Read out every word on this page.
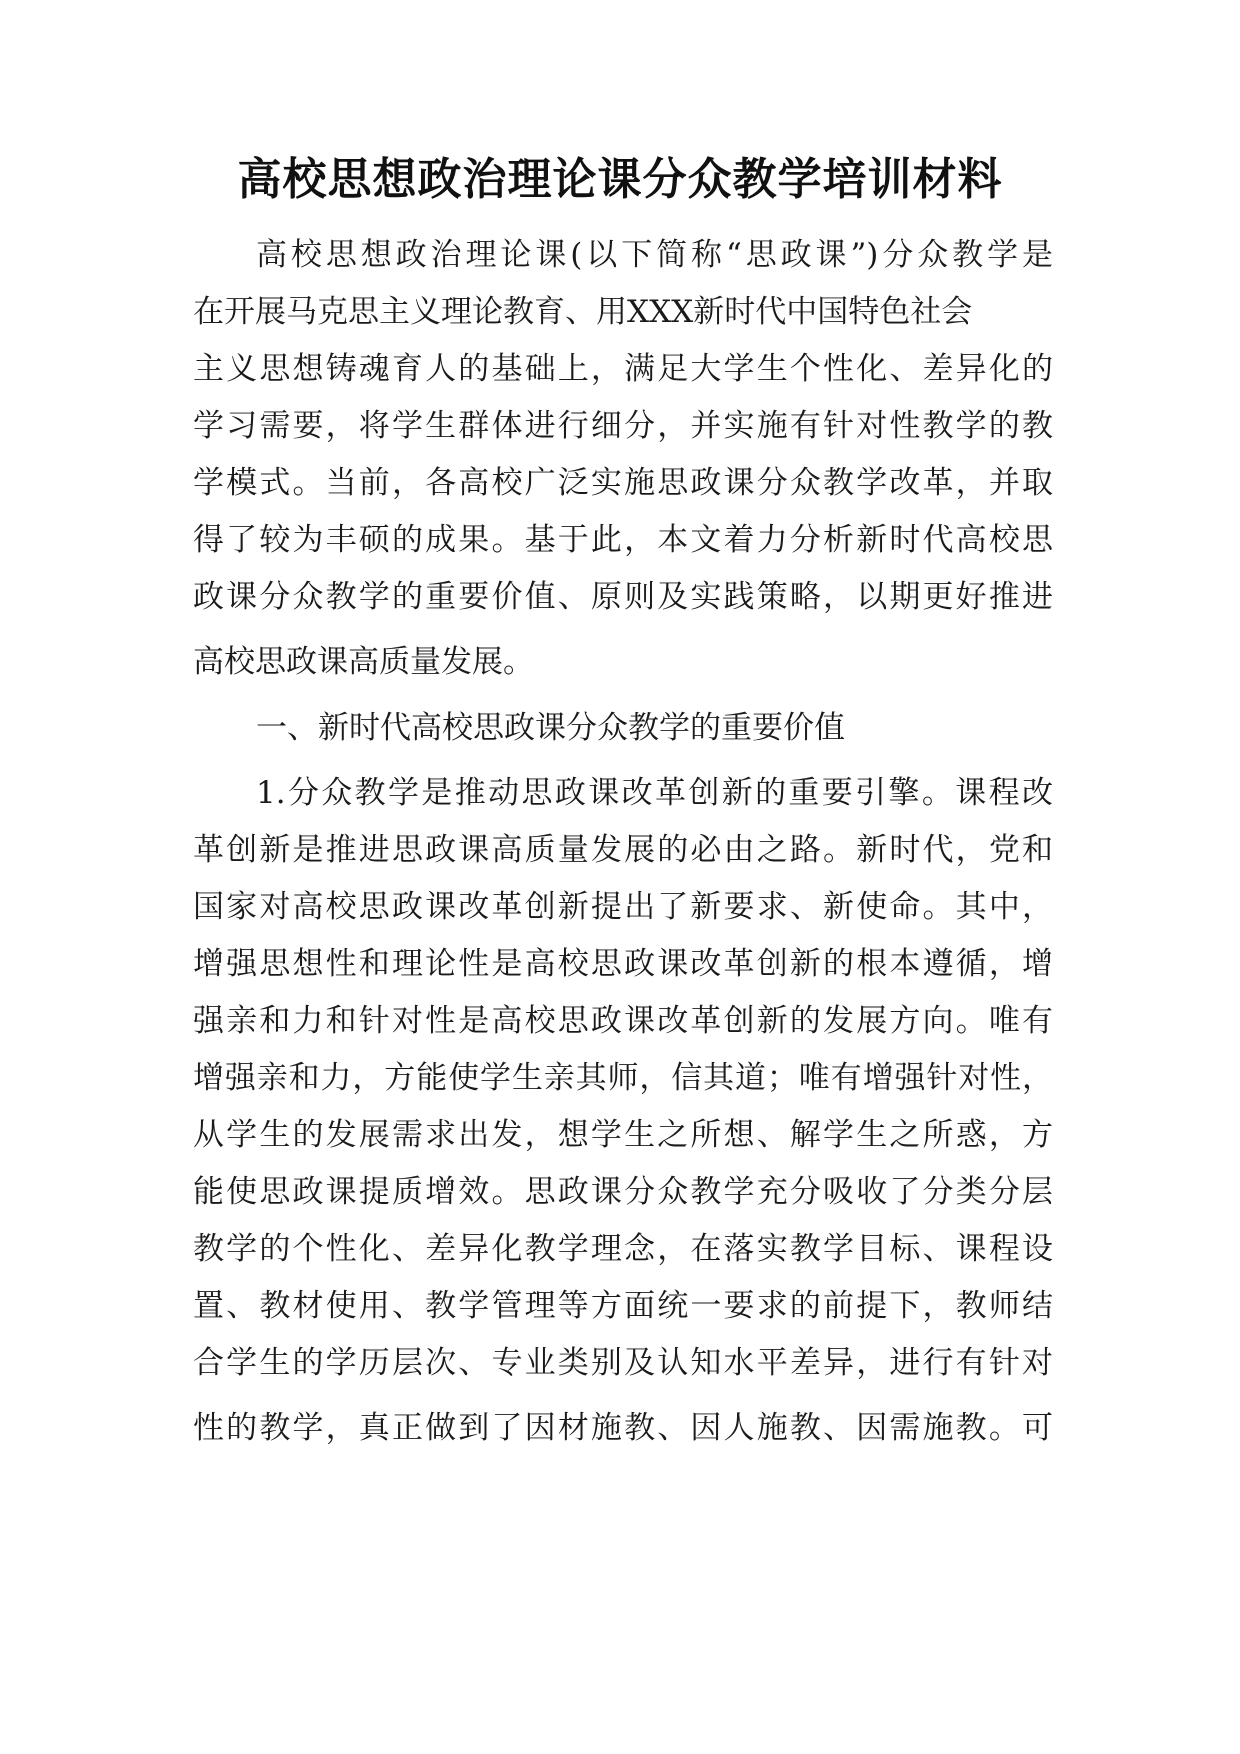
高校思想政治理论课分众教学培训材料

高校思想政治理论课(以下简称“思政课”)分众教学是

在开展马克思主义理论教育、用XXX新时代中国特色社会

主义思想铸魂育人的基础上，满足大学生个性化、差异化的

学习需要，将学生群体进行细分，并实施有针对性教学的教

学模式。当前，各高校广泛实施思政课分众教学改革，并取

得了较为丰硕的成果。基于此，本文着力分析新时代高校思

政课分众教学的重要价值、原则及实践策略，以期更好推进

高校思政课高质量发展。

一、新时代高校思政课分众教学的重要价值

1.分众教学是推动思政课改革创新的重要引擎。课程改

革创新是推进思政课高质量发展的必由之路。新时代，党和

国家对高校思政课改革创新提出了新要求、新使命。其中，

增强思想性和理论性是高校思政课改革创新的根本遵循，增

强亲和力和针对性是高校思政课改革创新的发展方向。唯有

增强亲和力，方能使学生亲其师，信其道；唯有增强针对性，

从学生的发展需求出发，想学生之所想、解学生之所惑，方

能使思政课提质增效。思政课分众教学充分吸收了分类分层

教学的个性化、差异化教学理念，在落实教学目标、课程设

置、教材使用、教学管理等方面统一要求的前提下，教师结

合学生的学历层次、专业类别及认知水平差异，进行有针对

性的教学，真正做到了因材施教、因人施教、因需施教。可
